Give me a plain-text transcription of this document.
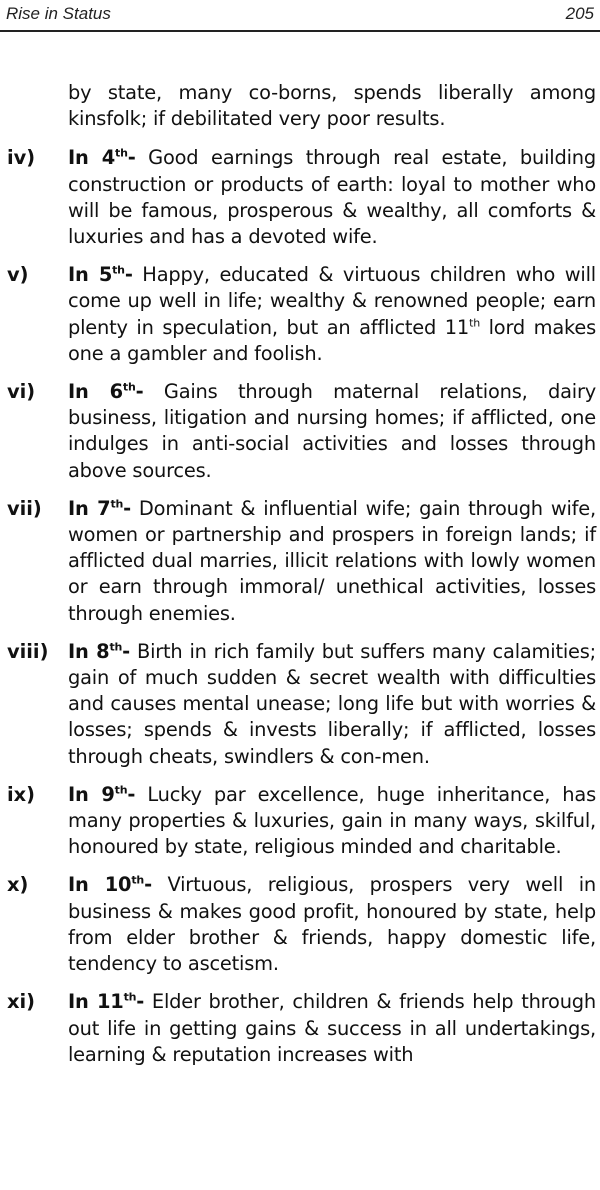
Rise in Status	205

by state, many co-borns, spends liberally among kinsfolk; if debilitated very poor results.

iv) In 4th- Good earnings through real estate, building construction or products of earth: loyal to mother who will be famous, prosperous & wealthy, all comforts & luxuries and has a devoted wife.
v) In 5th- Happy, educated & virtuous children who will come up well in life; wealthy & renowned people; earn plenty in speculation, but an afflicted 11th lord makes one a gambler and foolish.
vi) In 6th- Gains through maternal relations, dairy business, litigation and nursing homes; if afflicted, one indulges in anti-social activities and losses through above sources.
vii) In 7th- Dominant & influential wife; gain through wife, women or partnership and prospers in foreign lands; if afflicted dual marries, illicit relations with lowly women or earn through immoral/ unethical activities, losses through enemies.
viii) In 8th- Birth in rich family but suffers many calamities; gain of much sudden & secret wealth with difficulties and causes mental unease; long life but with worries & losses; spends & invests liberally; if afflicted, losses through cheats, swindlers & con-men.
ix) In 9th- Lucky par excellence, huge inheritance, has many properties & luxuries, gain in many ways, skilful, honoured by state, religious minded and charitable.
x) In 10th- Virtuous, religious, prospers very well in business & makes good profit, honoured by state, help from elder brother & friends, happy domestic life, tendency to ascetism.
xi) In 11th- Elder brother, children & friends help through out life in getting gains & success in all undertakings, learning & reputation increases with
